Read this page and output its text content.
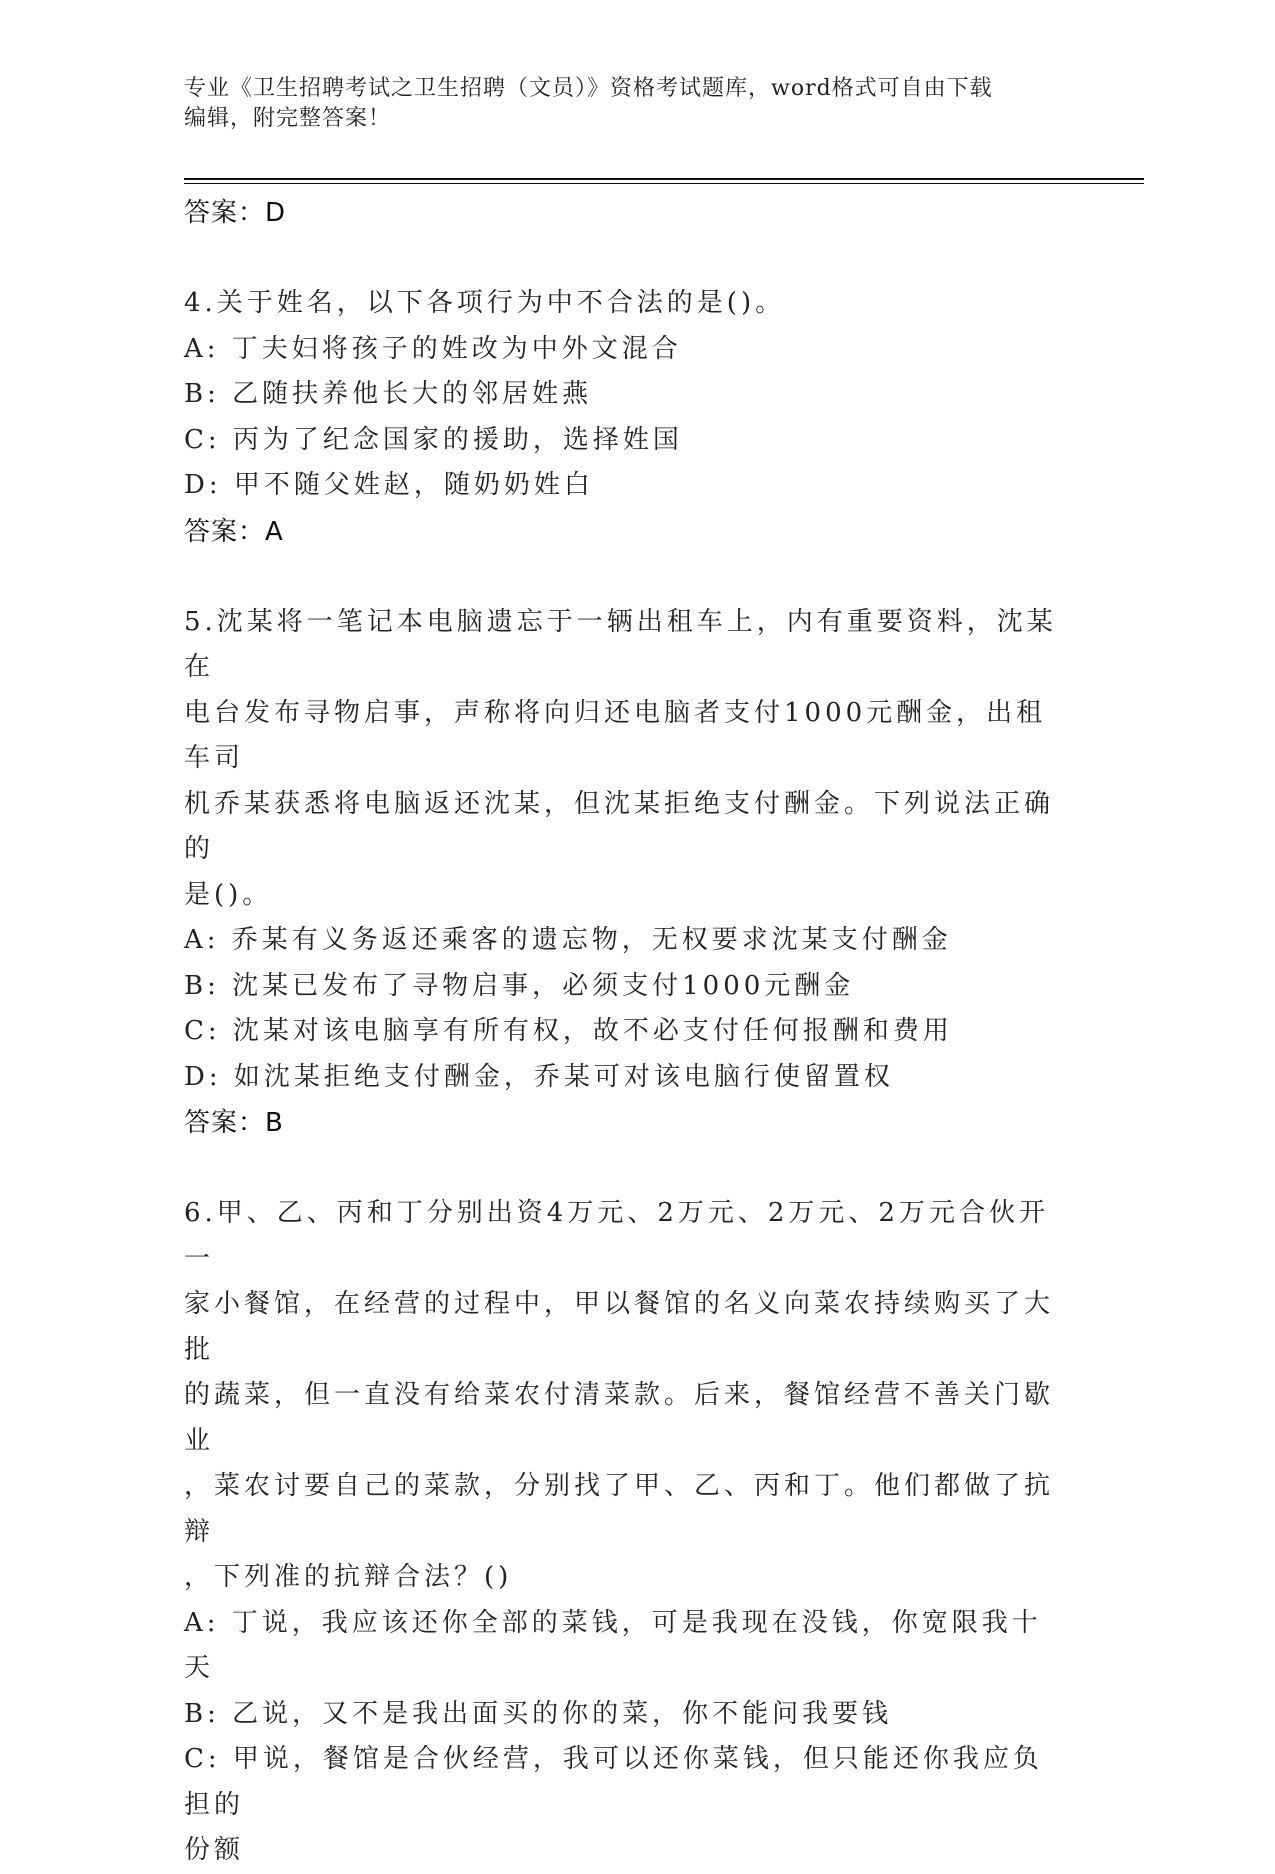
专业《卫生招聘考试之卫生招聘（文员）》资格考试题库，word格式可自由下载
编辑，附完整答案！

答案：D

4.关于姓名，以下各项行为中不合法的是()。

A: 丁夫妇将孩子的姓改为中外文混合

B: 乙随扶养他长大的邻居姓燕

C: 丙为了纪念国家的援助，选择姓国

D: 甲不随父姓赵，随奶奶姓白

答案：A

5.沈某将一笔记本电脑遗忘于一辆出租车上，内有重要资料，沈某在

电台发布寻物启事，声称将向归还电脑者支付1000元酬金，出租车司

机乔某获悉将电脑返还沈某，但沈某拒绝支付酬金。下列说法正确的

是()。

A: 乔某有义务返还乘客的遗忘物，无权要求沈某支付酬金

B: 沈某已发布了寻物启事，必须支付1000元酬金

C: 沈某对该电脑享有所有权，故不必支付任何报酬和费用

D: 如沈某拒绝支付酬金，乔某可对该电脑行使留置权

答案：B

6.甲、乙、丙和丁分别出资4万元、2万元、2万元、2万元合伙开一

家小餐馆，在经营的过程中，甲以餐馆的名义向菜农持续购买了大批

的蔬菜，但一直没有给菜农付清菜款。后来，餐馆经营不善关门歇业

，菜农讨要自己的菜款，分别找了甲、乙、丙和丁。他们都做了抗辩

，下列准的抗辩合法？()

A: 丁说，我应该还你全部的菜钱，可是我现在没钱，你宽限我十天

B: 乙说，又不是我出面买的你的菜，你不能问我要钱

C: 甲说，餐馆是合伙经营，我可以还你菜钱，但只能还你我应负担的

份额
